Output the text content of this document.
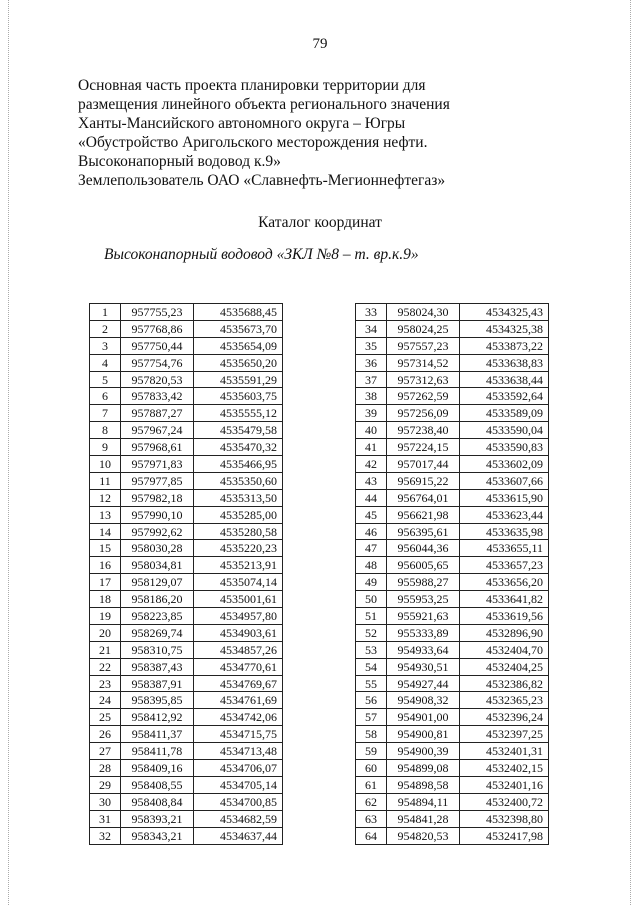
79
Основная часть проекта планировки территории для
размещения линейного объекта регионального значения
Ханты-Мансийского автономного округа – Югры
«Обустройство Аригольского месторождения нефти.
Высоконапорный водовод к.9»
Землепользователь ОАО «Славнефть-Мегионнефтегаз»
Каталог координат
Высоконапорный водовод «ЗКЛ №8 – т. вр.к.9»
1	957755,23	4535688,45
2	957768,86	4535673,70
3	957750,44	4535654,09
4	957754,76	4535650,20
5	957820,53	4535591,29
6	957833,42	4535603,75
7	957887,27	4535555,12
8	957967,24	4535479,58
9	957968,61	4535470,32
10	957971,83	4535466,95
11	957977,85	4535350,60
12	957982,18	4535313,50
13	957990,10	4535285,00
14	957992,62	4535280,58
15	958030,28	4535220,23
16	958034,81	4535213,91
17	958129,07	4535074,14
18	958186,20	4535001,61
19	958223,85	4534957,80
20	958269,74	4534903,61
21	958310,75	4534857,26
22	958387,43	4534770,61
23	958387,91	4534769,67
24	958395,85	4534761,69
25	958412,92	4534742,06
26	958411,37	4534715,75
27	958411,78	4534713,48
28	958409,16	4534706,07
29	958408,55	4534705,14
30	958408,84	4534700,85
31	958393,21	4534682,59
32	958343,21	4534637,44
33	958024,30	4534325,43
34	958024,25	4534325,38
35	957557,23	4533873,22
36	957314,52	4533638,83
37	957312,63	4533638,44
38	957262,59	4533592,64
39	957256,09	4533589,09
40	957238,40	4533590,04
41	957224,15	4533590,83
42	957017,44	4533602,09
43	956915,22	4533607,66
44	956764,01	4533615,90
45	956621,98	4533623,44
46	956395,61	4533635,98
47	956044,36	4533655,11
48	956005,65	4533657,23
49	955988,27	4533656,20
50	955953,25	4533641,82
51	955921,63	4533619,56
52	955333,89	4532896,90
53	954933,64	4532404,70
54	954930,51	4532404,25
55	954927,44	4532386,82
56	954908,32	4532365,23
57	954901,00	4532396,24
58	954900,81	4532397,25
59	954900,39	4532401,31
60	954899,08	4532402,15
61	954898,58	4532401,16
62	954894,11	4532400,72
63	954841,28	4532398,80
64	954820,53	4532417,98
